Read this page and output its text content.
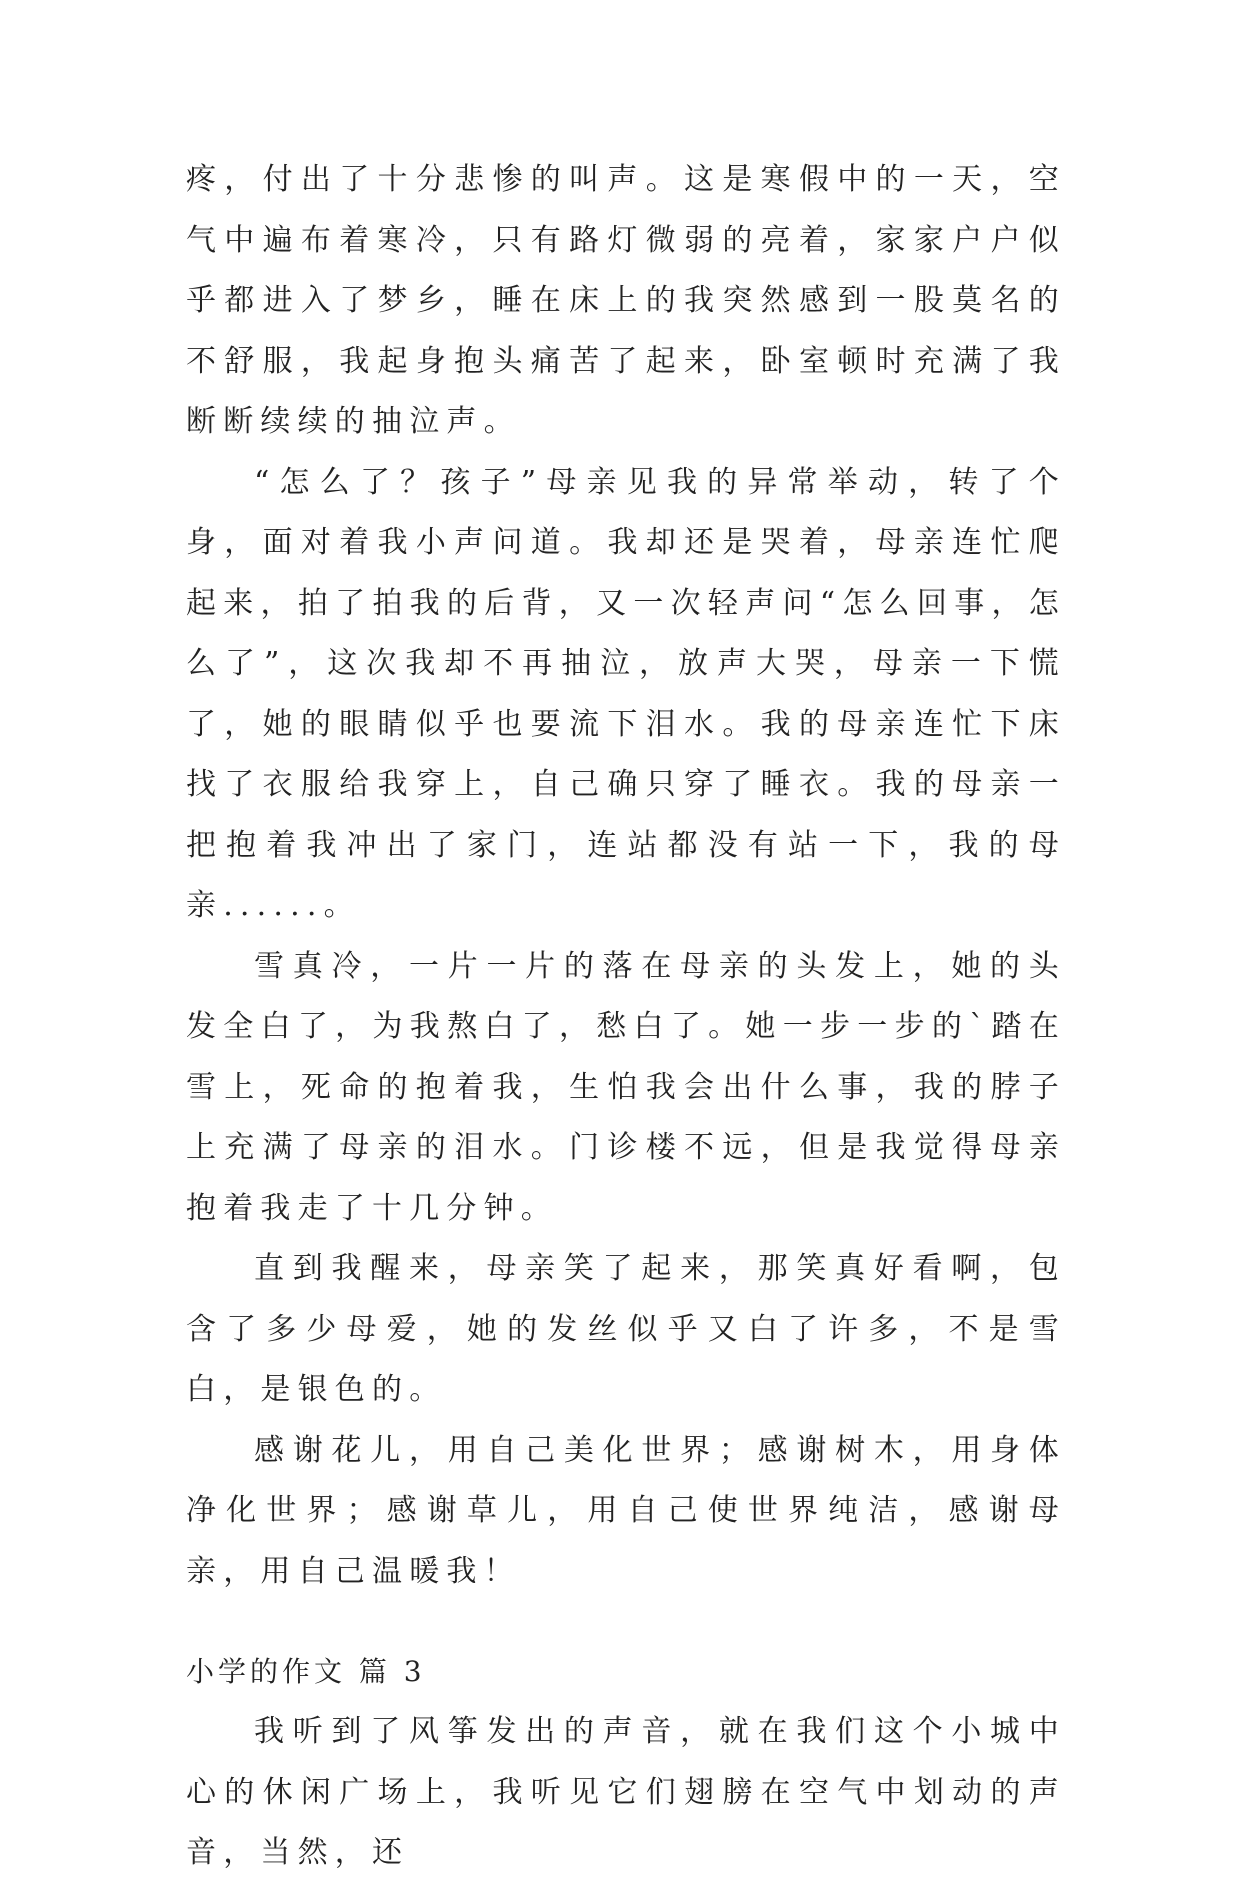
疼，付出了十分悲惨的叫声。这是寒假中的一天，空气中遍布着寒冷，只有路灯微弱的亮着，家家户户似乎都进入了梦乡，睡在床上的我突然感到一股莫名的不舒服，我起身抱头痛苦了起来，卧室顿时充满了我断断续续的抽泣声。

“怎么了？孩子”母亲见我的异常举动，转了个身，面对着我小声问道。我却还是哭着，母亲连忙爬起来，拍了拍我的后背，又一次轻声问“怎么回事，怎么了”，这次我却不再抽泣，放声大哭，母亲一下慌了，她的眼睛似乎也要流下泪水。我的母亲连忙下床找了衣服给我穿上，自己确只穿了睡衣。我的母亲一把抱着我冲出了家门，连站都没有站一下，我的母亲......。

雪真冷，一片一片的落在母亲的头发上，她的头发全白了，为我熬白了，愁白了。她一步一步的`踏在雪上，死命的抱着我，生怕我会出什么事，我的脖子上充满了母亲的泪水。门诊楼不远，但是我觉得母亲抱着我走了十几分钟。

直到我醒来，母亲笑了起来，那笑真好看啊，包含了多少母爱，她的发丝似乎又白了许多，不是雪白，是银色的。

感谢花儿，用自己美化世界；感谢树木，用身体净化世界；感谢草儿，用自己使世界纯洁，感谢母亲，用自己温暖我！

小学的作文 篇 3

我听到了风筝发出的声音，就在我们这个小城中心的休闲广场上，我听见它们翅膀在空气中划动的声音，当然，还
